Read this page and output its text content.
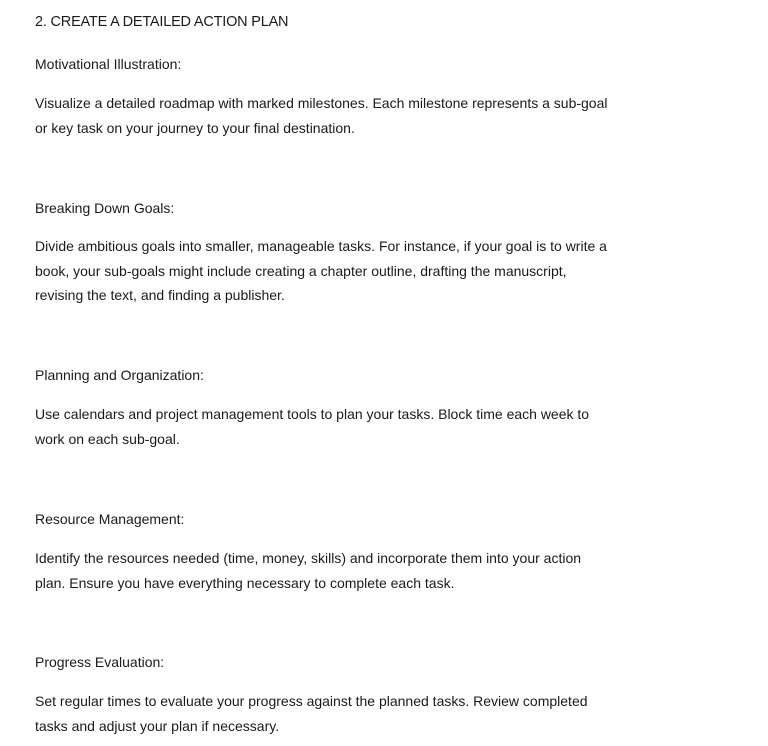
2. CREATE A DETAILED ACTION PLAN
Motivational Illustration:
Visualize a detailed roadmap with marked milestones. Each milestone represents a sub-goal
or key task on your journey to your final destination.
Breaking Down Goals:
Divide ambitious goals into smaller, manageable tasks. For instance, if your goal is to write a
book, your sub-goals might include creating a chapter outline, drafting the manuscript,
revising the text, and finding a publisher.
Planning and Organization:
Use calendars and project management tools to plan your tasks. Block time each week to
work on each sub-goal.
Resource Management:
Identify the resources needed (time, money, skills) and incorporate them into your action
plan. Ensure you have everything necessary to complete each task.
Progress Evaluation:
Set regular times to evaluate your progress against the planned tasks. Review completed
tasks and adjust your plan if necessary.
